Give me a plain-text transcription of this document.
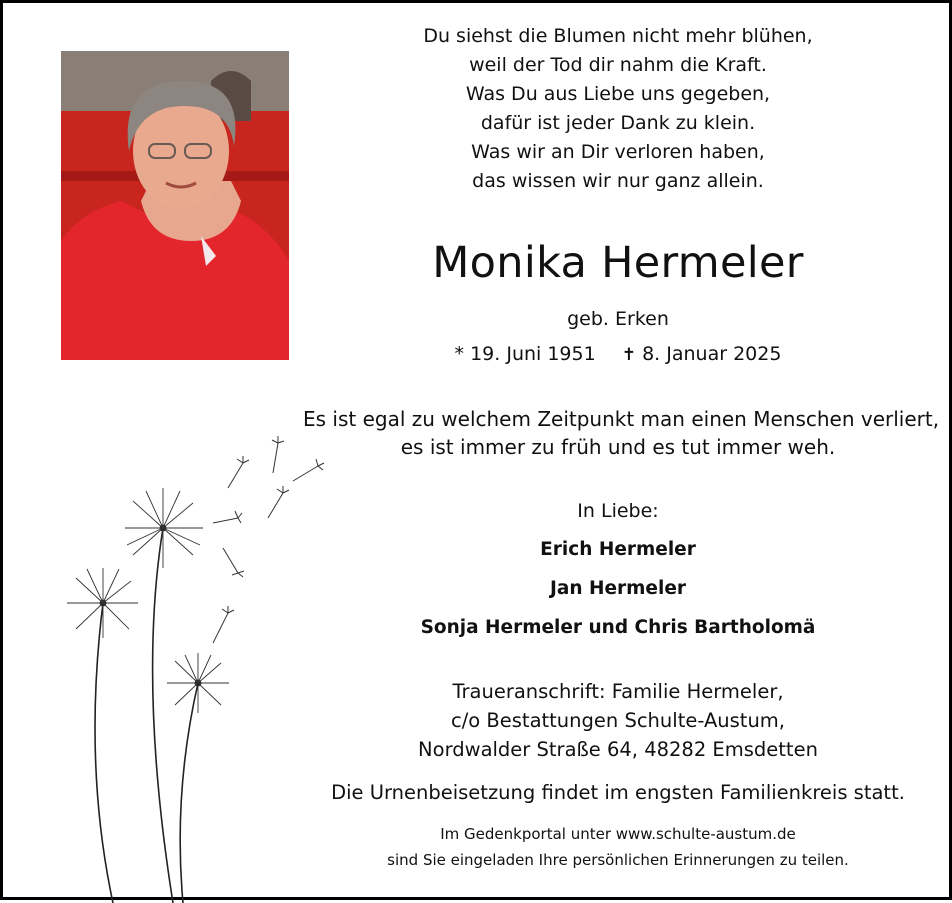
Du siehst die Blumen nicht mehr blühen,
weil der Tod dir nahm die Kraft.
Was Du aus Liebe uns gegeben,
dafür ist jeder Dank zu klein.
Was wir an Dir verloren haben,
das wissen wir nur ganz allein.
Monika Hermeler
geb. Erken
* 19. Juni 1951 ✝ 8. Januar 2025
Es ist egal zu welchem Zeitpunkt man einen Menschen verliert,
es ist immer zu früh und es tut immer weh.
In Liebe:
Erich Hermeler
Jan Hermeler
Sonja Hermeler und Chris Bartholomä
Traueranschrift: Familie Hermeler,
c/o Bestattungen Schulte-Austum,
Nordwalder Straße 64, 48282 Emsdetten
Die Urnenbeisetzung findet im engsten Familienkreis statt.
Im Gedenkportal unter www.schulte-austum.de
sind Sie eingeladen Ihre persönlichen Erinnerungen zu teilen.
